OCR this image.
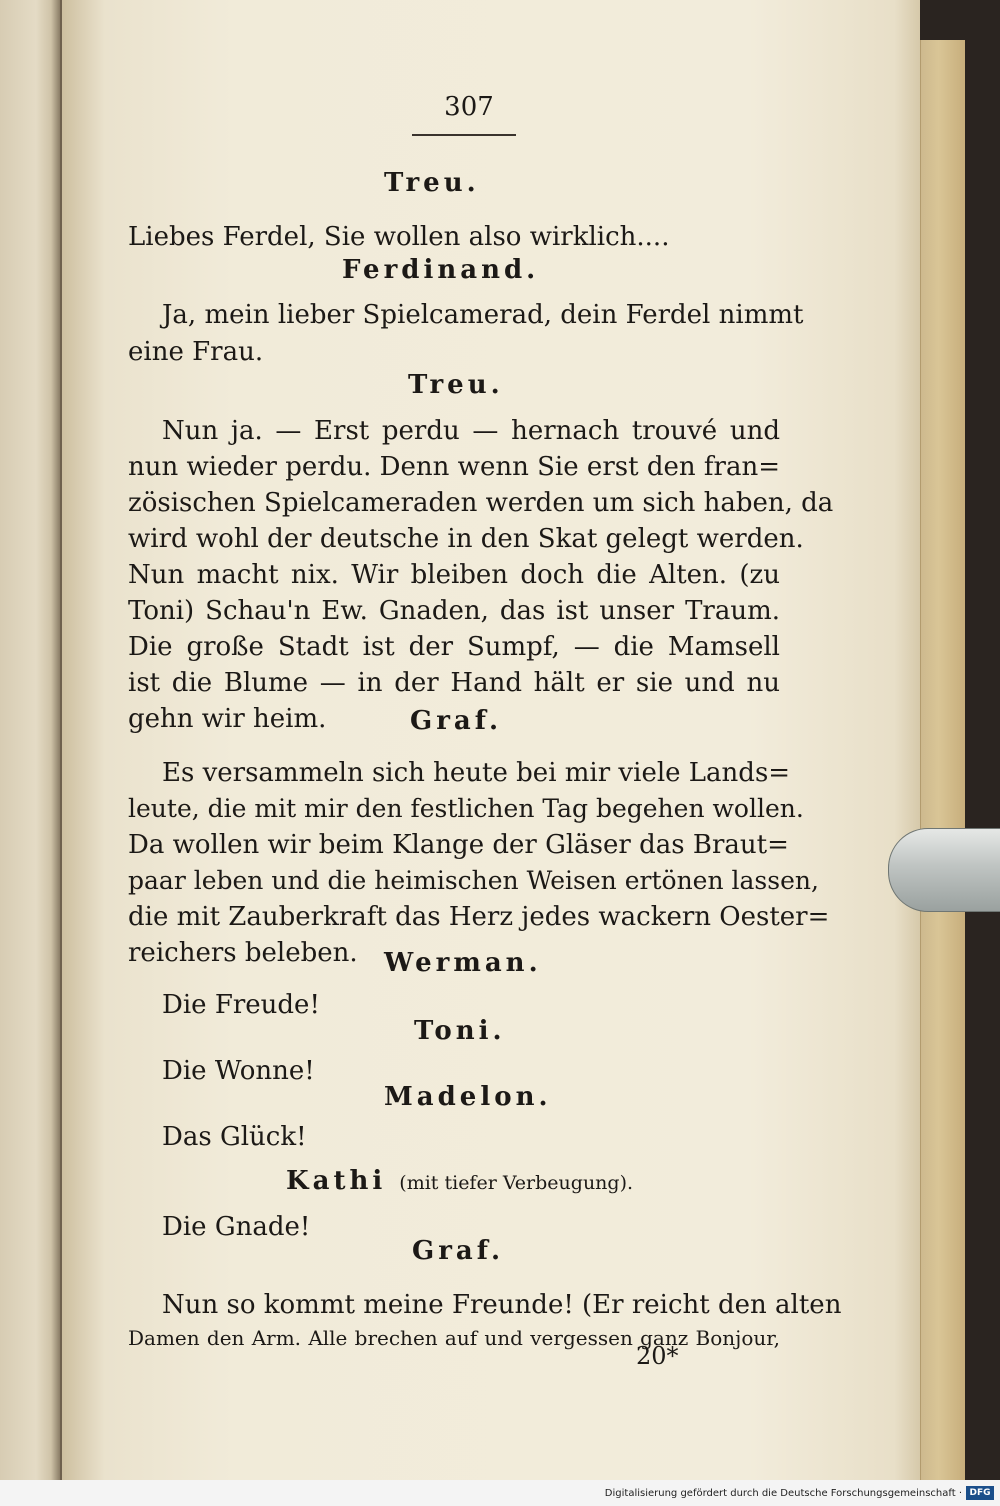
307
Treu.
Liebes Ferdel, Sie wollen also wirklich....
Ferdinand.
Ja, mein lieber Spielcamerad, dein Ferdel nimmt
eine Frau.
Treu.
Nun ja. — Erst perdu — hernach trouvé und
nun wieder perdu. Denn wenn Sie erst den fran=
zösischen Spielcameraden werden um sich haben, da
wird wohl der deutsche in den Skat gelegt werden.
Nun macht nix. Wir bleiben doch die Alten. (zu
Toni) Schau'n Ew. Gnaden, das ist unser Traum.
Die große Stadt ist der Sumpf, — die Mamsell
ist die Blume — in der Hand hält er sie und nu
gehn wir heim.	Graf.
Es versammeln sich heute bei mir viele Lands=
leute, die mit mir den festlichen Tag begehen wollen.
Da wollen wir beim Klange der Gläser das Braut=
paar leben und die heimischen Weisen ertönen lassen,
die mit Zauberkraft das Herz jedes wackern Oester=
reichers beleben.	Werman.
Die Freude!
Toni.
Die Wonne!
Madelon.
Das Glück!
Kathi (mit tiefer Verbeugung).
Die Gnade!
Graf.
Nun so kommt meine Freunde! (Er reicht den alten
Damen den Arm. Alle brechen auf und vergessen ganz Bonjour,
20*
Digitalisierung gefördert durch die Deutsche Forschungsgemeinschaft · DFG
